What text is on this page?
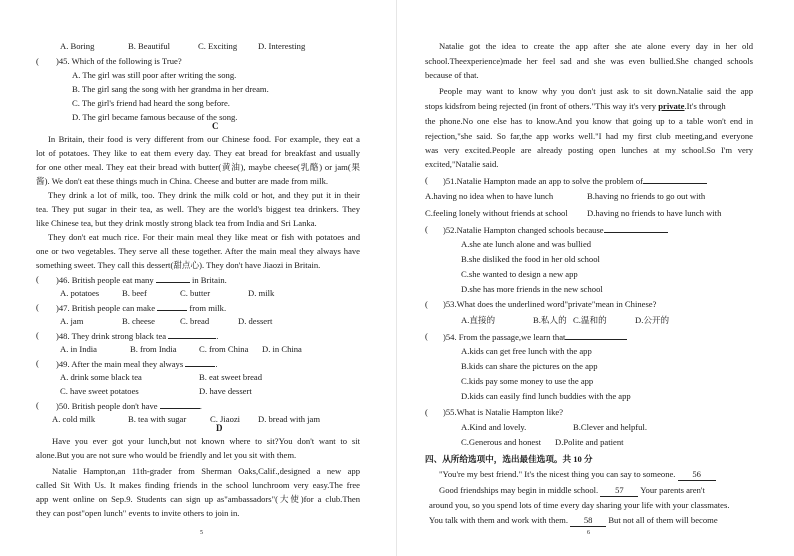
A. Boring	B. Beautiful	C. Exciting D. Interesting
( )45. Which of the following is True?
A. The girl was still poor after writing the song.
B. The girl sang the song with her grandma in her dream.
C. The girl's friend had heard the song before.
D. The girl became famous because of the song.
C
In Britain, their food is very different from our Chinese food. For example, they eat a
lot of potatoes. They like to eat them every day. They eat bread for breakfast and usually
for one other meal. They eat their bread with butter(黄油), maybe cheese(乳酪) or jam(果
酱). We don't eat these things much in China. Cheese and butter are made from milk.
They drink a lot of milk, too. They drink the milk cold or hot, and they put it in their
tea. They put sugar in their tea, as well. They are the world's biggest tea drinkers. They
like Chinese tea, but they drink mostly strong black tea from India and Sri Lanka.
They don't eat much rice. For their main meal they like meat or fish with potatoes and
one or two vegetables. They serve all these together. After the main meal they always have
something sweet. They call this dessert(甜点心). They don't have Jiaozi in Britain.
( )46. British people eat many	in Britain.
A. potatoes	B. beef	C. butter	D. milk
( )47. British people can make	from milk.
A. jam	B. cheese	C. bread	D. dessert
( )48. They drink strong black tea	.
A. in India	B. from India	C. from China D. in China
( )49. After the main meal they always	.
A. drink some black tea	B. eat sweet bread
C. have sweet potatoes	D. have dessert
( )50. British people don't have	.
A. cold milk	B. tea with sugar	C. Jiaozi D. bread with jam
D
Have you ever got your lunch,but not known where to sit?You don't want to sit
alone.But you are not sure who would be friendly and let you sit with them.
Natalie Hampton,an 11th-grader from Sherman Oaks,Calif.,designed a new app
called Sit With Us. It makes finding friends in the school lunchroom very easy.The free
app went online on Sep.9. Students can sign up as"ambassadors"(大使)for a club.Then
they can post"open lunch" events to invite others to join in.
5
Natalie got the idea to create the app after she ate alone every day in her old
school.Theexperience)made her feel sad and she was even bullied.She changed schools
because of that.
People may want to know why you don't just ask to sit down.Natalie said the app
stops kidsfrom being rejected (in front of others."This way it's very private.It's through
the phone.No one else has to know.And you know that going up to a table won't end in
rejection,"she said. So far,the app works well."I had my first club meeting,and everyone
was very excited.People are already posting open lunches at my school.So I'm very
excited,"Natalie said.
( )51.Natalie Hampton made an app to solve the problem of
A.having no idea when to have lunch	B.having no friends to go out with
C.feeling lonely without friends at school D.having no friends to have lunch with
( )52.Natalie Hampton changed schools because
A.she ate lunch alone and was bullied
B.she disliked the food in her old school
C.she wanted to design a new app
D.she has more friends in the new school
( )53.What does the underlined word"private"mean in Chinese?
A.直接的	B.私人的 C.温和的	D.公开的
( )54. From the passage,we learn that
A.kids can get free lunch with the app
B.kids can share the pictures on the app
C.kids pay some money to use the app
D.kids can easily find lunch buddies with the app
( )55.What is Natalie Hampton like?
A.Kind and lovely.	B.Clever and helpful.
C.Generous and honest D.Polite and patient
四、从所给选项中，选出最佳选项。共 10 分
"You're my best friend." It's the nicest thing you can say to someone. 56
Good friendships may begin in middle school. 57 Your parents aren't
around you, so you spend lots of time every day sharing your life with your classmates.
You talk with them and work with them. 58 But not all of them will become
6
